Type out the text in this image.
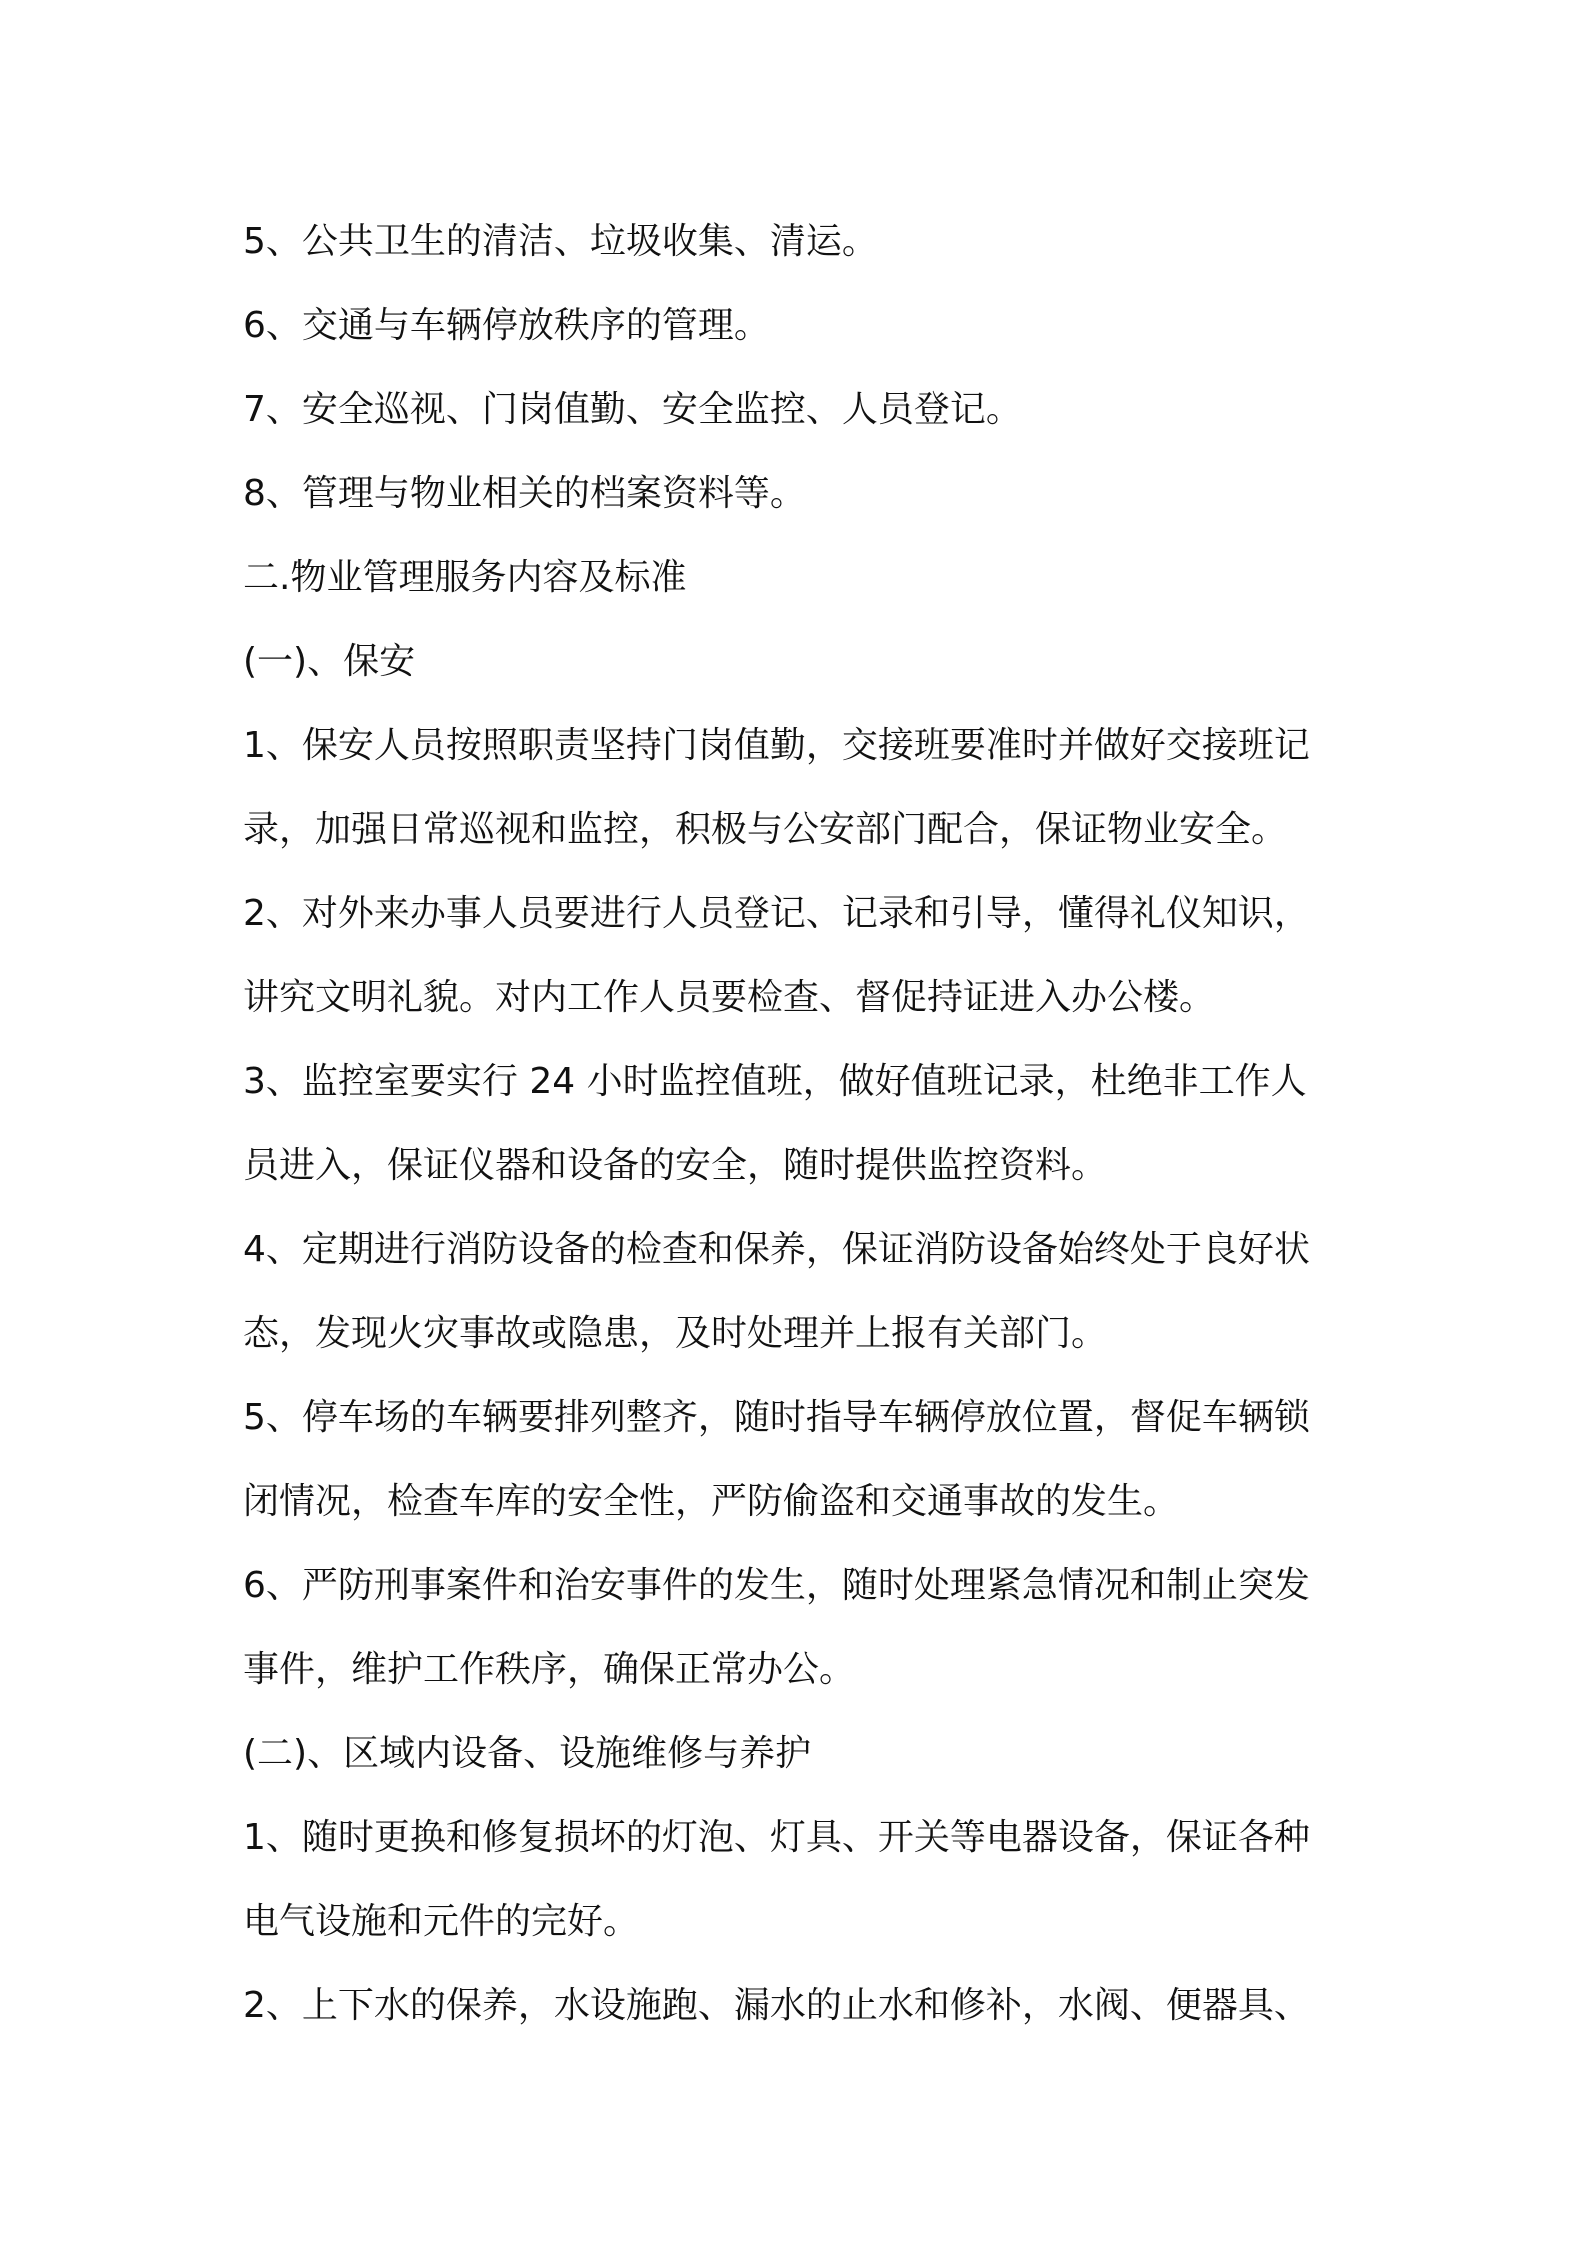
5、公共卫生的清洁、垃圾收集、清运。
6、交通与车辆停放秩序的管理。
7、安全巡视、门岗值勤、安全监控、人员登记。
8、管理与物业相关的档案资料等。
二.物业管理服务内容及标准
(一)、保安
1、保安人员按照职责坚持门岗值勤，交接班要准时并做好交接班记
录，加强日常巡视和监控，积极与公安部门配合，保证物业安全。
2、对外来办事人员要进行人员登记、记录和引导，懂得礼仪知识，
讲究文明礼貌。对内工作人员要检查、督促持证进入办公楼。
3、监控室要实行 24 小时监控值班，做好值班记录，杜绝非工作人
员进入，保证仪器和设备的安全，随时提供监控资料。
4、定期进行消防设备的检查和保养，保证消防设备始终处于良好状
态，发现火灾事故或隐患，及时处理并上报有关部门。
5、停车场的车辆要排列整齐，随时指导车辆停放位置，督促车辆锁
闭情况，检查车库的安全性，严防偷盗和交通事故的发生。
6、严防刑事案件和治安事件的发生，随时处理紧急情况和制止突发
事件，维护工作秩序，确保正常办公。
(二)、区域内设备、设施维修与养护
1、随时更换和修复损坏的灯泡、灯具、开关等电器设备，保证各种
电气设施和元件的完好。
2、上下水的保养，水设施跑、漏水的止水和修补，水阀、便器具、
